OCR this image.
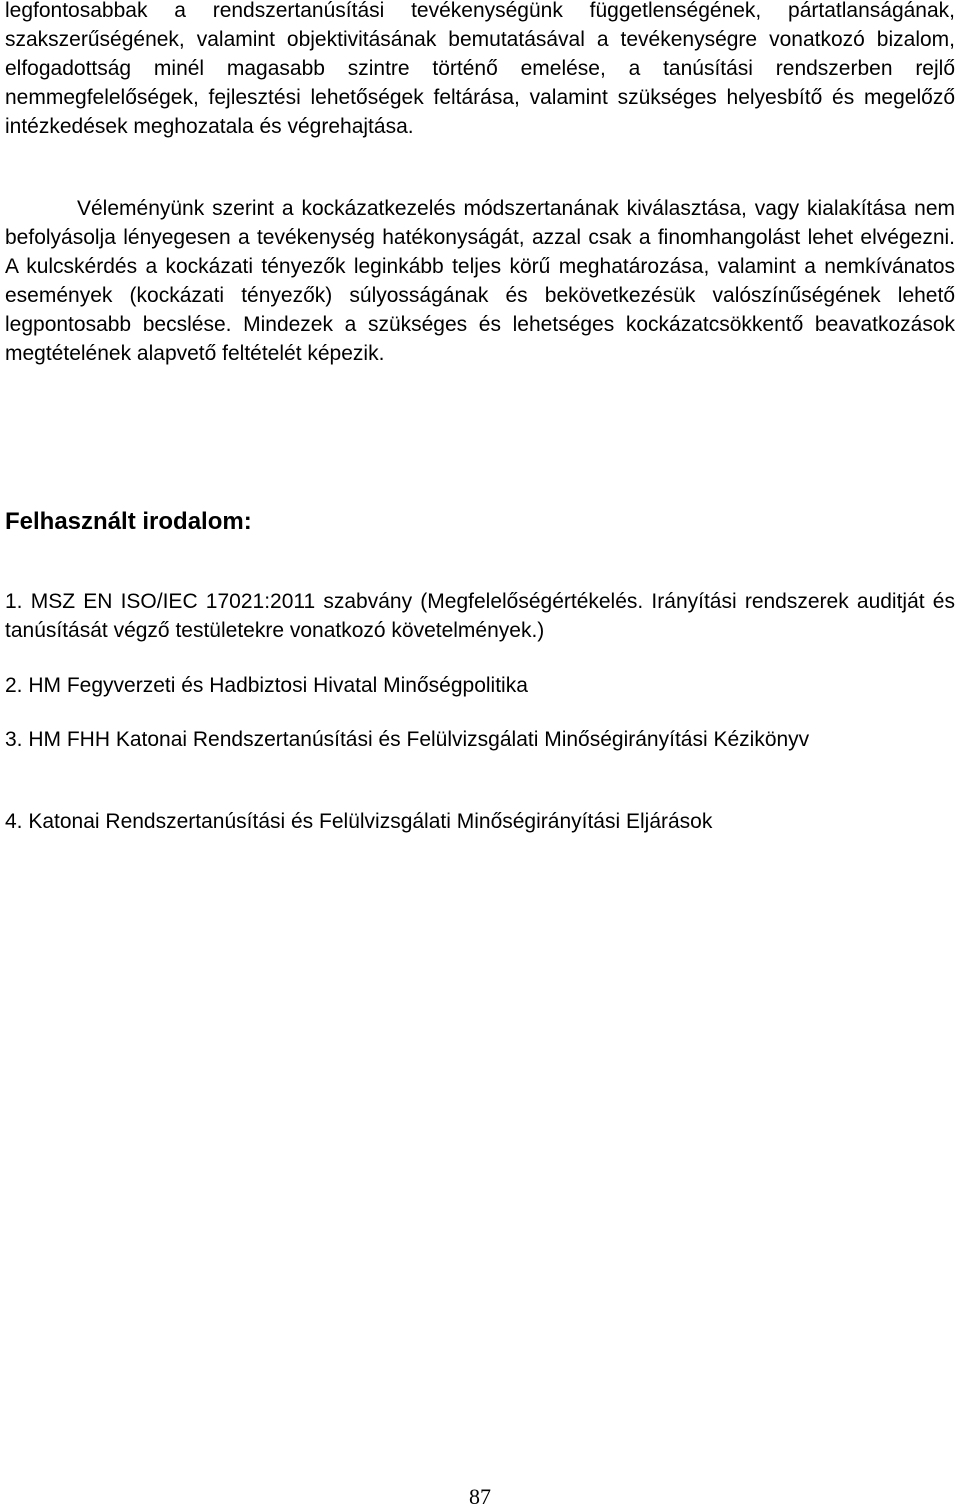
legfontosabbak a rendszertanúsítási tevékenységünk függetlenségének, pártatlanságának, szakszerűségének, valamint objektivitásának bemutatásával a tevékenységre vonatkozó bizalom, elfogadottság minél magasabb szintre történő emelése, a tanúsítási rendszerben rejlő nemmegfelelőségek, fejlesztési lehetőségek feltárása, valamint szükséges helyesbítő és megelőző intézkedések meghozatala és végrehajtása.

Véleményünk szerint a kockázatkezelés módszertanának kiválasztása, vagy kialakítása nem befolyásolja lényegesen a tevékenység hatékonyságát, azzal csak a finomhangolást lehet elvégezni. A kulcskérdés a kockázati tényezők leginkább teljes körű meghatározása, valamint a nemkívánatos események (kockázati tényezők) súlyosságának és bekövetkezésük valószínűségének lehető legpontosabb becslése. Mindezek a szükséges és lehetséges kockázatcsökkentő beavatkozások megtételének alapvető feltételét képezik.

Felhasznált irodalom:

1. MSZ EN ISO/IEC 17021:2011 szabvány (Megfelelőségértékelés. Irányítási rendszerek auditját és tanúsítását végző testületekre vonatkozó követelmények.)

2. HM Fegyverzeti és Hadbiztosi Hivatal Minőségpolitika

3. HM FHH Katonai Rendszertanúsítási és Felülvizsgálati Minőségirányítási Kézikönyv

4. Katonai Rendszertanúsítási és Felülvizsgálati Minőségirányítási Eljárások

87
